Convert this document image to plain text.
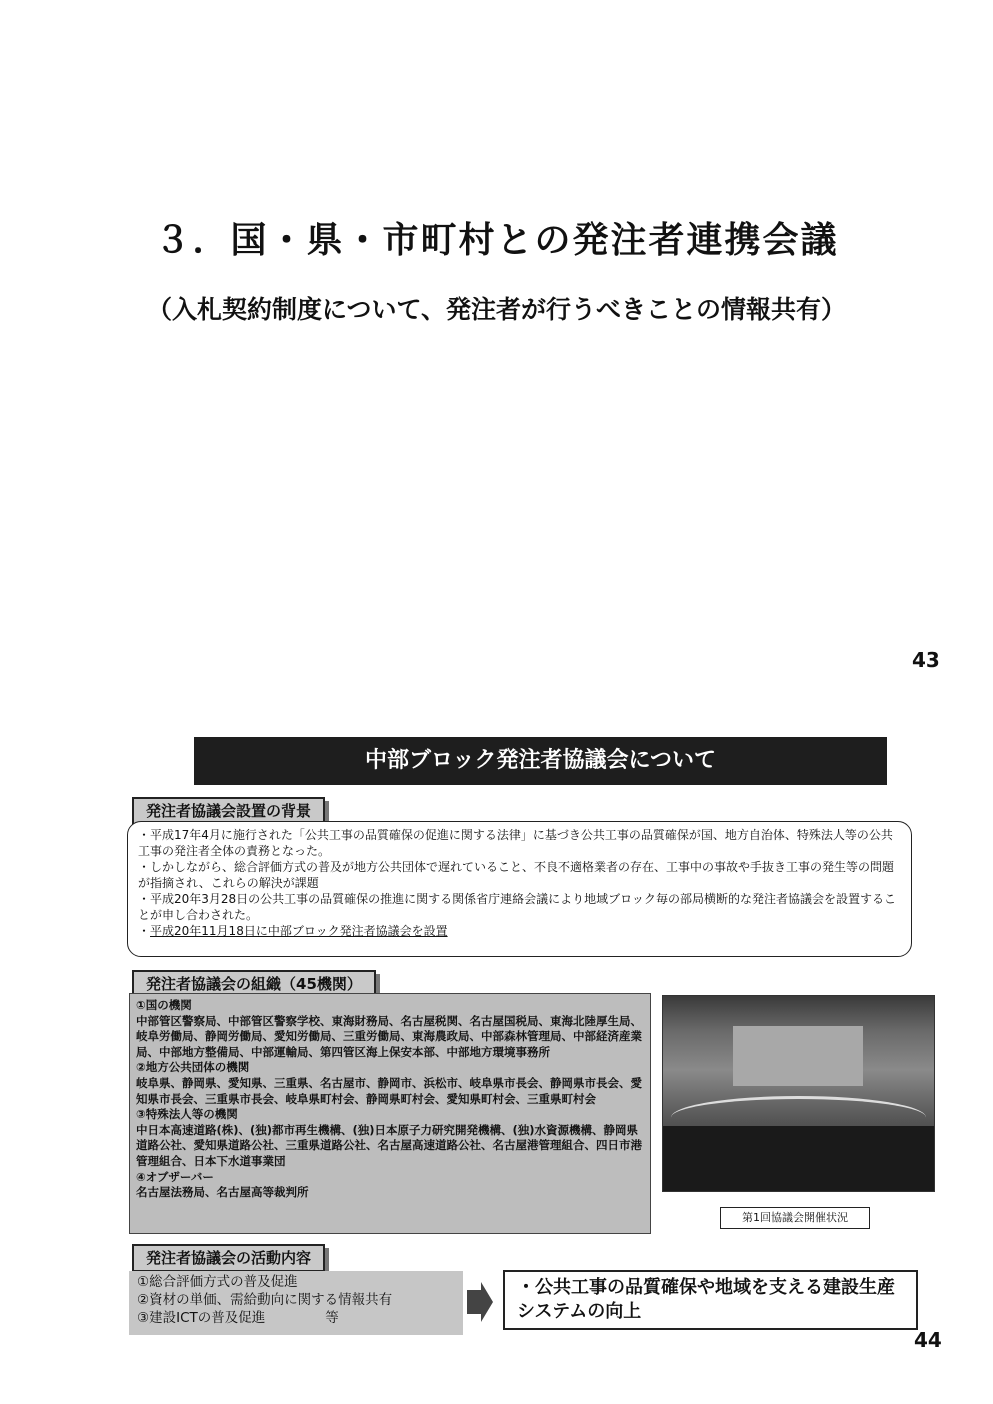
３．国・県・市町村との発注者連携会議
（入札契約制度について、発注者が行うべきことの情報共有）
43
中部ブロック発注者協議会について
発注者協議会設置の背景

・平成17年4月に施行された「公共工事の品質確保の促進に関する法律」に基づき公共工事の品質確保が国、地方自治体、特殊法人等の公共工事の発注者全体の責務となった。

・しかしながら、総合評価方式の普及が地方公共団体で遅れていること、不良不適格業者の存在、工事中の事故や手抜き工事の発生等の問題が指摘され、これらの解決が課題

・平成20年3月28日の公共工事の品質確保の推進に関する関係省庁連絡会議により地域ブロック毎の部局横断的な発注者協議会を設置することが申し合わされた。

・平成20年11月18日に中部ブロック発注者協議会を設置

発注者協議会の組織（45機関）

①国の機関

中部管区警察局、中部管区警察学校、東海財務局、名古屋税関、名古屋国税局、東海北陸厚生局、岐阜労働局、静岡労働局、愛知労働局、三重労働局、東海農政局、中部森林管理局、中部経済産業局、中部地方整備局、中部運輸局、第四管区海上保安本部、中部地方環境事務所

②地方公共団体の機関

岐阜県、静岡県、愛知県、三重県、名古屋市、静岡市、浜松市、岐阜県市長会、静岡県市長会、愛知県市長会、三重県市長会、岐阜県町村会、静岡県町村会、愛知県町村会、三重県町村会

③特殊法人等の機関

中日本高速道路(株)、(独)都市再生機構、(独)日本原子力研究開発機構、(独)水資源機構、静岡県道路公社、愛知県道路公社、三重県道路公社、名古屋高速道路公社、名古屋港管理組合、四日市港管理組合、日本下水道事業団

④オブザーバー

名古屋法務局、名古屋高等裁判所

第1回協議会開催状況
発注者協議会の活動内容

①総合評価方式の普及促進

②資材の単価、需給動向に関する情報共有

③建設ICTの普及促進	等

・公共工事の品質確保や地域を支える建設生産システムの向上
44
